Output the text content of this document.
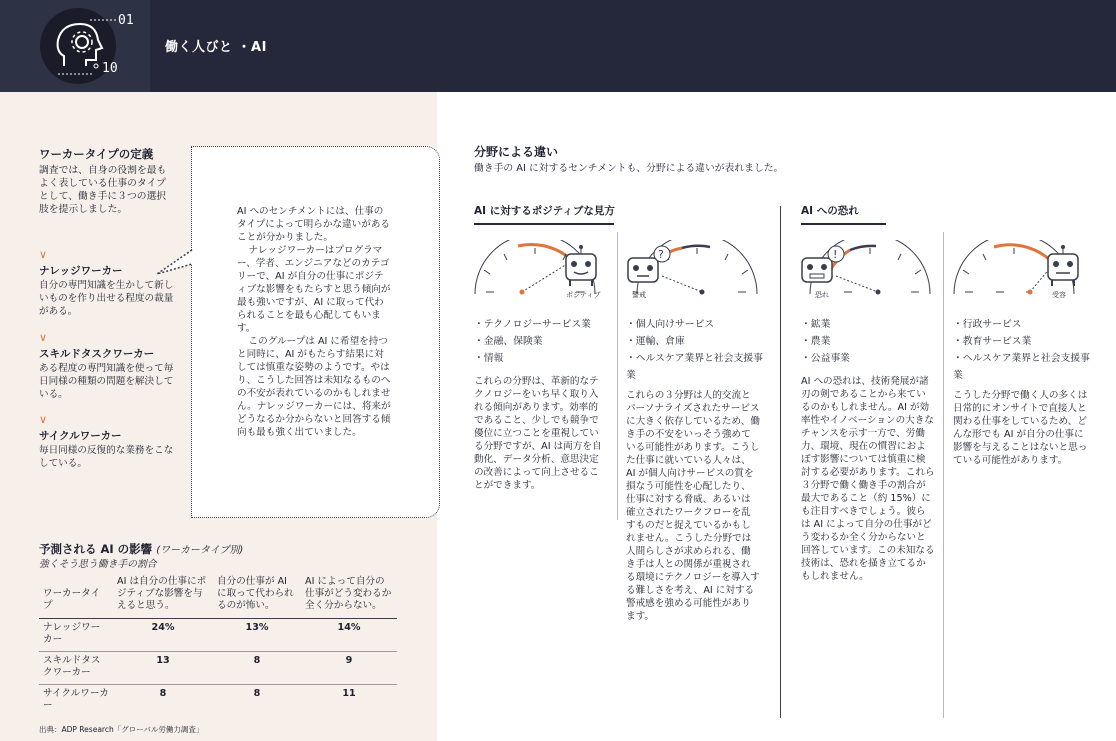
01
10
働く人びと ・AI
ワーカータイプの定義
調査では、自身の役割を最もよく表している仕事のタイプとして、働き手に３つの選択肢を提示しました。
∨
ナレッジワーカー
自分の専門知識を生かして新しいものを作り出せる程度の裁量がある。
∨
スキルドタスクワーカー
ある程度の専門知識を使って毎日同様の種類の問題を解決している。
∨
サイクルワーカー
毎日同様の反復的な業務をこなしている。

AI へのセンチメントには、仕事のタイプによって明らかな違いがあることが分かりました。

ナレッジワーカーはプログラマー、学者、エンジニアなどのカテゴリーで、AI が自分の仕事にポジティブな影響をもたらすと思う傾向が最も強いですが、AI に取って代わられることを最も心配してもいます。

このグループは AI に希望を持つと同時に、AI がもたらす結果に対しては慎重な姿勢のようです。やはり、こうした回答は未知なるものへの不安が表れているのかもしれません。ナレッジワーカーには、将来がどうなるか分からないと回答する傾向も最も強く出ていました。

予測される AI の影響 (ワーカータイプ別)
強くそう思う働き手の割合
ワーカータイプ	AI は自分の仕事にポジティブな影響を与えると思う。	自分の仕事が AI に取って代わられるのが怖い。	AI によって自分の仕事がどう変わるか全く分からない。
ナレッジワーカー	24%	13%	14%
スキルドタスクワーカー	13	8	9
サイクルワーカー	8	8	11
出典：ADP Research「グローバル労働力調査」
分野による違い
働き手の AI に対するセンチメントも、分野による違いが表れました。
AI に対するポジティブな見方	AI への恐れ
ポジティブ
?
警戒
!
恐れ	受容
・テクノロジーサービス業
・金融、保険業
・情報
・個人向けサービス
・運輸、倉庫
・ヘルスケア業界と社会支援事業
・鉱業
・農業
・公益事業
・行政サービス
・教育サービス業
・ヘルスケア業界と社会支援事業
これらの分野は、革新的なテクノロジーをいち早く取り入れる傾向があります。効率的であること、少しでも競争で優位に立つことを重視している分野ですが、AI は両方を自動化、データ分析、意思決定の改善によって向上させることができます。
これらの３分野は人的交流とパーソナライズされたサービスに大きく依存しているため、働き手の不安をいっそう強めている可能性があります。こうした仕事に就いている人々は、AI が個人向けサービスの質を損なう可能性を心配したり、仕事に対する脅威、あるいは確立されたワークフローを乱すものだと捉えているかもしれません。こうした分野では人間らしさが求められる、働き手は人との関係が重視される環境にテクノロジーを導入する難しさを考え、AI に対する警戒感を強める可能性があります。
AI への恐れは、技術発展が諸刃の剣であることから来ているのかもしれません。AI が効率性やイノベーションの大きなチャンスを示す一方で、労働力、環境、現在の慣習におよぼす影響については慎重に検討する必要があります。これら３分野で働く働き手の割合が最大であること（約 15%）にも注目すべきでしょう。彼らは AI によって自分の仕事がどう変わるか全く分からないと回答しています。この未知なる技術は、恐れを掻き立てるかもしれません。
こうした分野で働く人の多くは日常的にオンサイトで直接人と関わる仕事をしているため、どんな形でも AI が自分の仕事に影響を与えることはないと思っている可能性があります。
